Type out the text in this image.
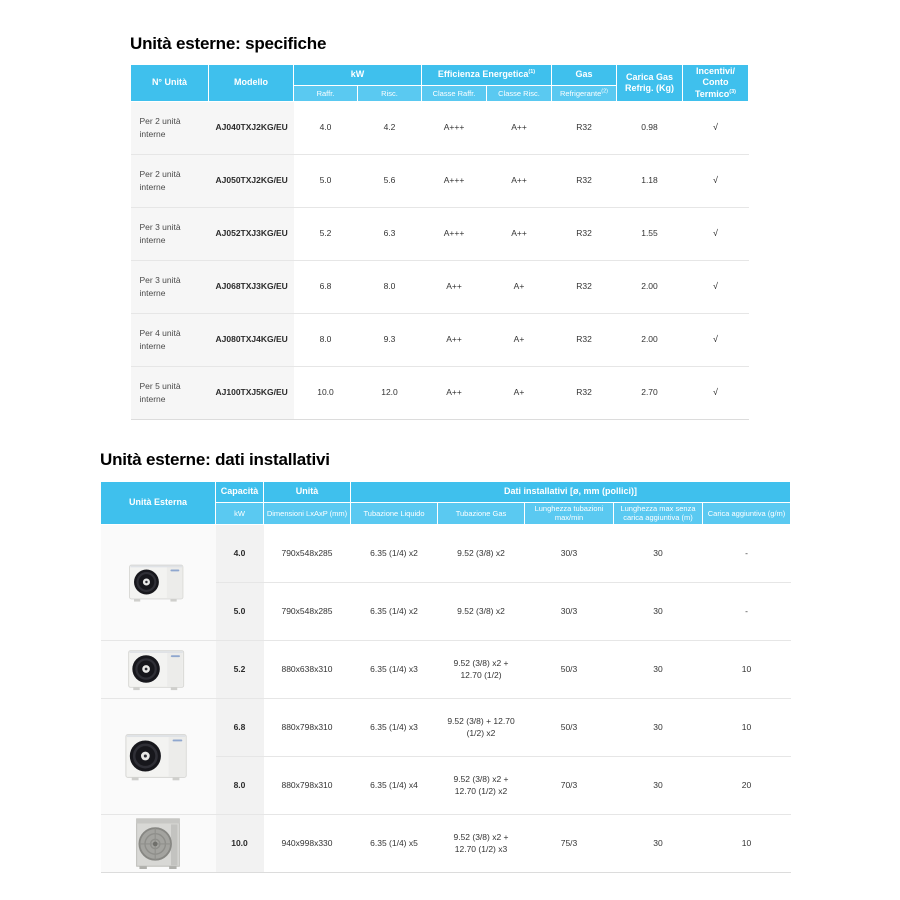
Unità esterne: specifiche
N° Unità	Modello	kW		Efficienza Energetica$^{(1)}$		Gas	Carica Gas Refrig. (Kg)	Incentivi/
Conto Termico$^{(3)}$
		Raffr.	Risc.	Classe Raffr.	Classe Risc.	Refrigerante$^{(2)}$
Per 2 unità interne	AJ040TXJ2KG/EU	4.0	4.2	A+++	A++	R32	0.98	√
Per 2 unità interne	AJ050TXJ2KG/EU	5.0	5.6	A+++	A++	R32	1.18	√
Per 3 unità interne	AJ052TXJ3KG/EU	5.2	6.3	A+++	A++	R32	1.55	√
Per 3 unità interne	AJ068TXJ3KG/EU	6.8	8.0	A++	A+	R32	2.00	√
Per 4 unità interne	AJ080TXJ4KG/EU	8.0	9.3	A++	A+	R32	2.00	√
Per 5 unità interne	AJ100TXJ5KG/EU	10.0	12.0	A++	A+	R32	2.70	√
Unità esterne: dati installativi
Unità Esterna	Capacità	Unità	Dati installativi [ø, mm (pollici)]				
	kW	Dimensioni LxAxP (mm)	Tubazione Liquido	Tubazione Gas	Lunghezza tubazioni max/min	Lunghezza max senza carica aggiuntiva (m)	Carica aggiuntiva (g/m)

	4.0	790x548x285	6.35 (1/4) x2	9.52 (3/8) x2	30/3	30	-
	5.0	790x548x285	6.35 (1/4) x2	9.52 (3/8) x2	30/3	30	-

	5.2	880x638x310	6.35 (1/4) x3	9.52 (3/8) x2 + 12.70 (1/2)	50/3	30	10

	6.8	880x798x310	6.35 (1/4) x3	9.52 (3/8) + 12.70 (1/2) x2	50/3	30	10
	8.0	880x798x310	6.35 (1/4) x4	9.52 (3/8) x2 + 12.70 (1/2) x2	70/3	30	20

	10.0	940x998x330	6.35 (1/4) x5	9.52 (3/8) x2 + 12.70 (1/2) x3	75/3	30	10
